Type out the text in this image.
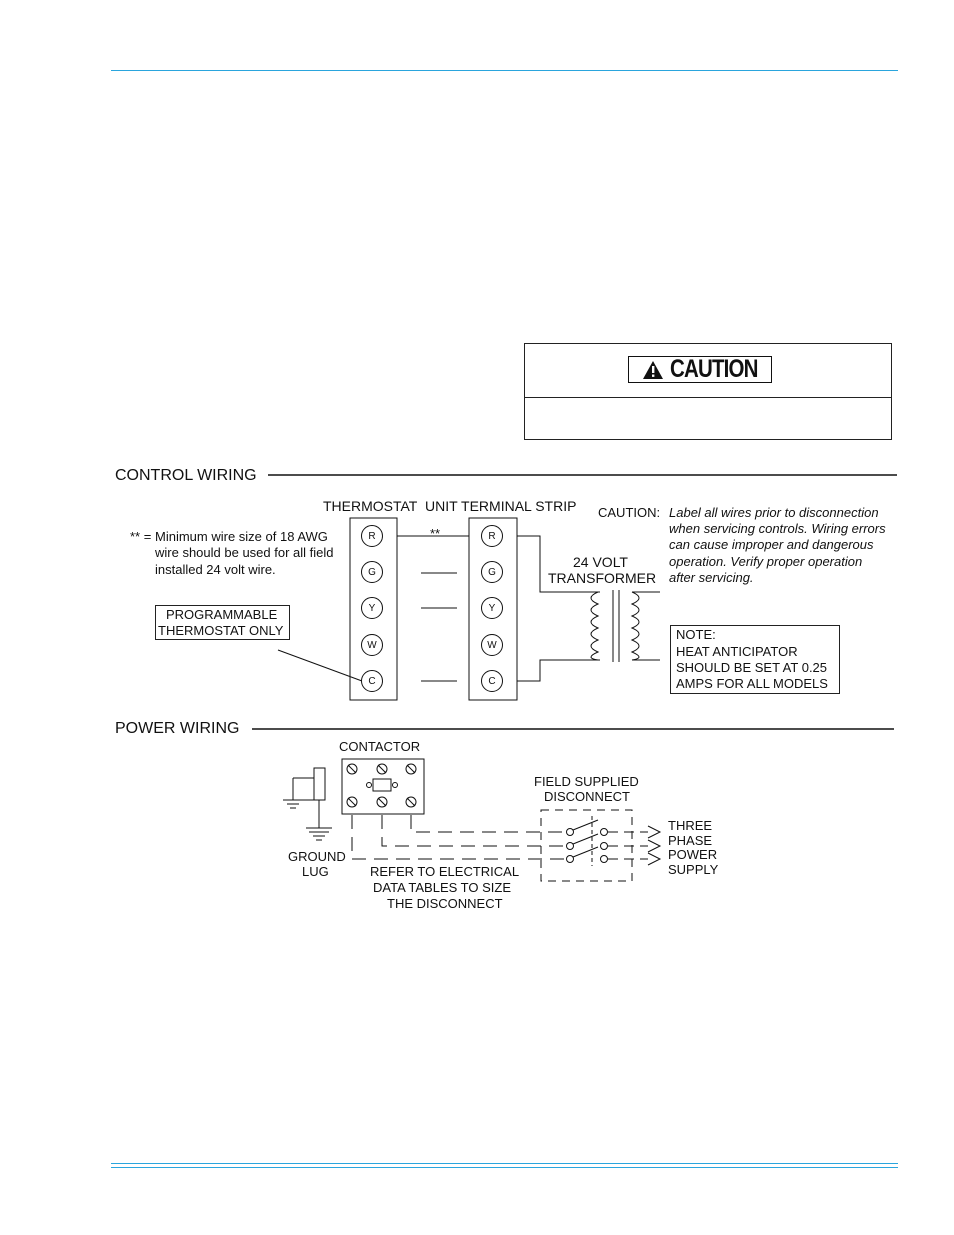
CAUTION
CONTROL WIRING
POWER WIRING
R
G
Y
W
C
R
G
Y
W
C
THERMOSTAT UNIT TERMINAL STRIP
**
** = Minimum wire size of 18 AWG
wire should be used for all field
installed 24 volt wire.
PROGRAMMABLE
THERMOSTAT ONLY
24 VOLT
TRANSFORMER
CAUTION: Label all wires prior to disconnection
when servicing controls. Wiring errors
can cause improper and dangerous
operation. Verify proper operation
after servicing.
NOTE:
HEAT ANTICIPATOR
SHOULD BE SET AT 0.25
AMPS FOR ALL MODELS
CONTACTOR
FIELD SUPPLIED
DISCONNECT
THREE
PHASE
POWER
SUPPLY
GROUND
LUG	REFER TO ELECTRICAL
DATA TABLES TO SIZE
THE DISCONNECT
